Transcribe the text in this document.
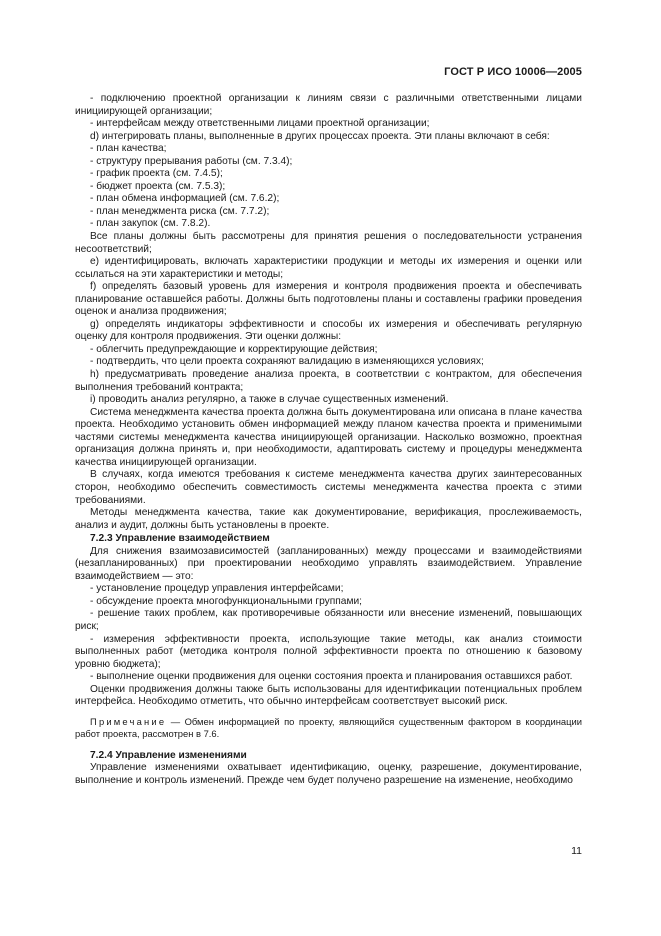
ГОСТ Р ИСО 10006—2005

- подключению проектной организации к линиям связи с различными ответственными лицами инициирующей организации;

- интерфейсам между ответственными лицами проектной организации;

d) интегрировать планы, выполненные в других процессах проекта. Эти планы включают в себя:

- план качества;

- структуру прерывания работы (см. 7.3.4);

- график проекта (см. 7.4.5);

- бюджет проекта (см. 7.5.3);

- план обмена информацией (см. 7.6.2);

- план менеджмента риска (см. 7.7.2);

- план закупок (см. 7.8.2).

Все планы должны быть рассмотрены для принятия решения о последовательности устранения несоответствий;

е) идентифицировать, включать характеристики продукции и методы их измерения и оценки или ссылаться на эти характеристики и методы;

f) определять базовый уровень для измерения и контроля продвижения проекта и обеспечивать планирование оставшейся работы. Должны быть подготовлены планы и составлены графики проведения оценок и анализа продвижения;

g) определять индикаторы эффективности и способы их измерения и обеспечивать регулярную оценку для контроля продвижения. Эти оценки должны:

- облегчить предупреждающие и корректирующие действия;

- подтвердить, что цели проекта сохраняют валидацию в изменяющихся условиях;

h) предусматривать проведение анализа проекта, в соответствии с контрактом, для обеспечения выполнения требований контракта;

i) проводить анализ регулярно, а также в случае существенных изменений.

Система менеджмента качества проекта должна быть документирована или описана в плане качества проекта. Необходимо установить обмен информацией между планом качества проекта и применимыми частями системы менеджмента качества инициирующей организации. Насколько возможно, проектная организация должна принять и, при необходимости, адаптировать систему и процедуры менеджмента качества инициирующей организации.

В случаях, когда имеются требования к системе менеджмента качества других заинтересованных сторон, необходимо обеспечить совместимость системы менеджмента качества проекта с этими требованиями.

Методы менеджмента качества, такие как документирование, верификация, прослеживаемость, анализ и аудит, должны быть установлены в проекте.

7.2.3 Управление взаимодействием

Для снижения взаимозависимостей (запланированных) между процессами и взаимодействиями (незапланированных) при проектировании необходимо управлять взаимодействием. Управление взаимодействием — это:

- установление процедур управления интерфейсами;

- обсуждение проекта многофункциональными группами;

- решение таких проблем, как противоречивые обязанности или внесение изменений, повышающих риск;

- измерения эффективности проекта, использующие такие методы, как анализ стоимости выполненных работ (методика контроля полной эффективности проекта по отношению к базовому уровню бюджета);

- выполнение оценки продвижения для оценки состояния проекта и планирования оставшихся работ.

Оценки продвижения должны также быть использованы для идентификации потенциальных проблем интерфейса. Необходимо отметить, что обычно интерфейсам соответствует высокий риск.

Примечание — Обмен информацией по проекту, являющийся существенным фактором в координации работ проекта, рассмотрен в 7.6.

7.2.4 Управление изменениями

Управление изменениями охватывает идентификацию, оценку, разрешение, документирование, выполнение и контроль изменений. Прежде чем будет получено разрешение на изменение, необходимо

11
